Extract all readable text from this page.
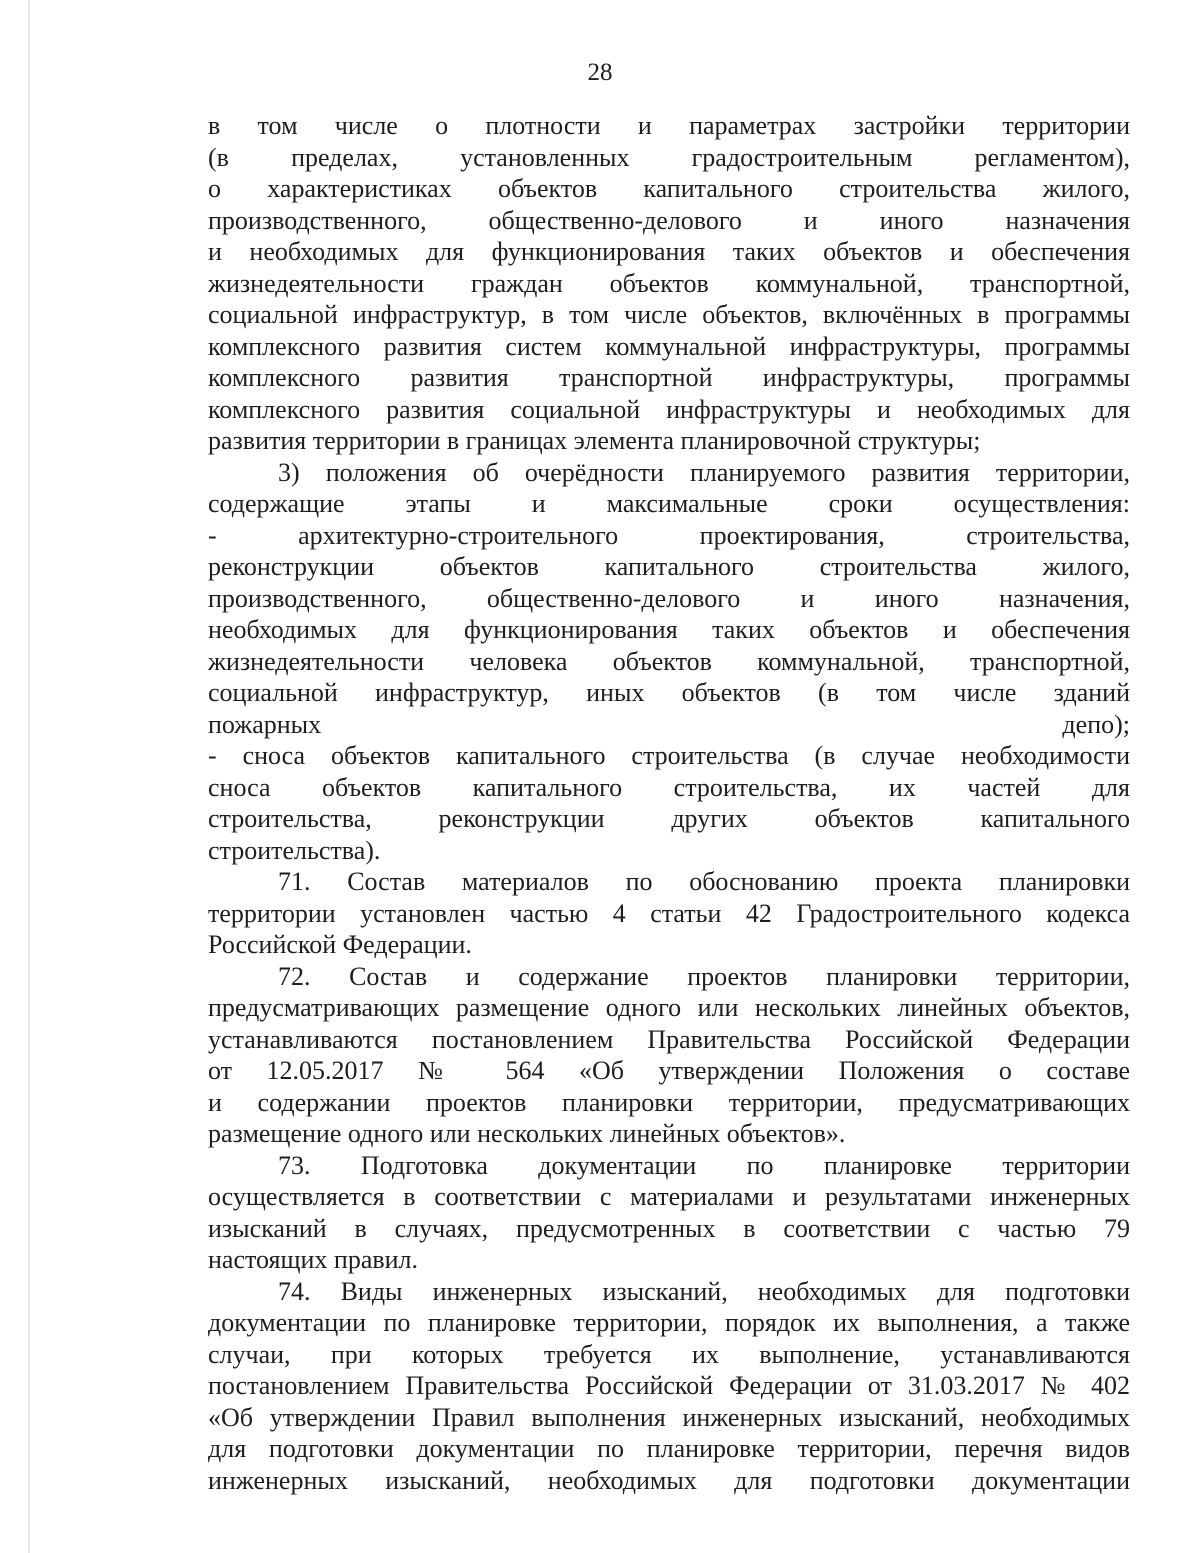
28

в том числе о плотности и параметрах застройки территории

(в пределах, установленных градостроительным регламентом),

о характеристиках объектов капитального строительства жилого,

производственного, общественно-делового и иного назначения

и необходимых для функционирования таких объектов и обеспечения

жизнедеятельности граждан объектов коммунальной, транспортной,

социальной инфраструктур, в том числе объектов, включённых в программы

комплексного развития систем коммунальной инфраструктуры, программы

комплексного развития транспортной инфраструктуры, программы

комплексного развития социальной инфраструктуры и необходимых для

развития территории в границах элемента планировочной структуры;

3) положения об очерёдности планируемого развития территории,

содержащие этапы и максимальные сроки осуществления:

- архитектурно-строительного проектирования, строительства,

реконструкции объектов капитального строительства жилого,

производственного, общественно-делового и иного назначения,

необходимых для функционирования таких объектов и обеспечения

жизнедеятельности человека объектов коммунальной, транспортной,

социальной инфраструктур, иных объектов (в том числе зданий

пожарных депо);

- сноса объектов капитального строительства (в случае необходимости

сноса объектов капитального строительства, их частей для

строительства, реконструкции других объектов капитального

строительства).

71. Состав материалов по обоснованию проекта планировки

территории установлен частью 4 статьи 42 Градостроительного кодекса

Российской Федерации.

72. Состав и содержание проектов планировки территории,

предусматривающих размещение одного или нескольких линейных объектов,

устанавливаются постановлением Правительства Российской Федерации

от 12.05.2017 № 564 «Об утверждении Положения о составе

и содержании проектов планировки территории, предусматривающих

размещение одного или нескольких линейных объектов».

73. Подготовка документации по планировке территории

осуществляется в соответствии с материалами и результатами инженерных

изысканий в случаях, предусмотренных в соответствии с частью 79

настоящих правил.

74. Виды инженерных изысканий, необходимых для подготовки

документации по планировке территории, порядок их выполнения, а также

случаи, при которых требуется их выполнение, устанавливаются

постановлением Правительства Российской Федерации от 31.03.2017 № 402

«Об утверждении Правил выполнения инженерных изысканий, необходимых

для подготовки документации по планировке территории, перечня видов

инженерных изысканий, необходимых для подготовки документации
